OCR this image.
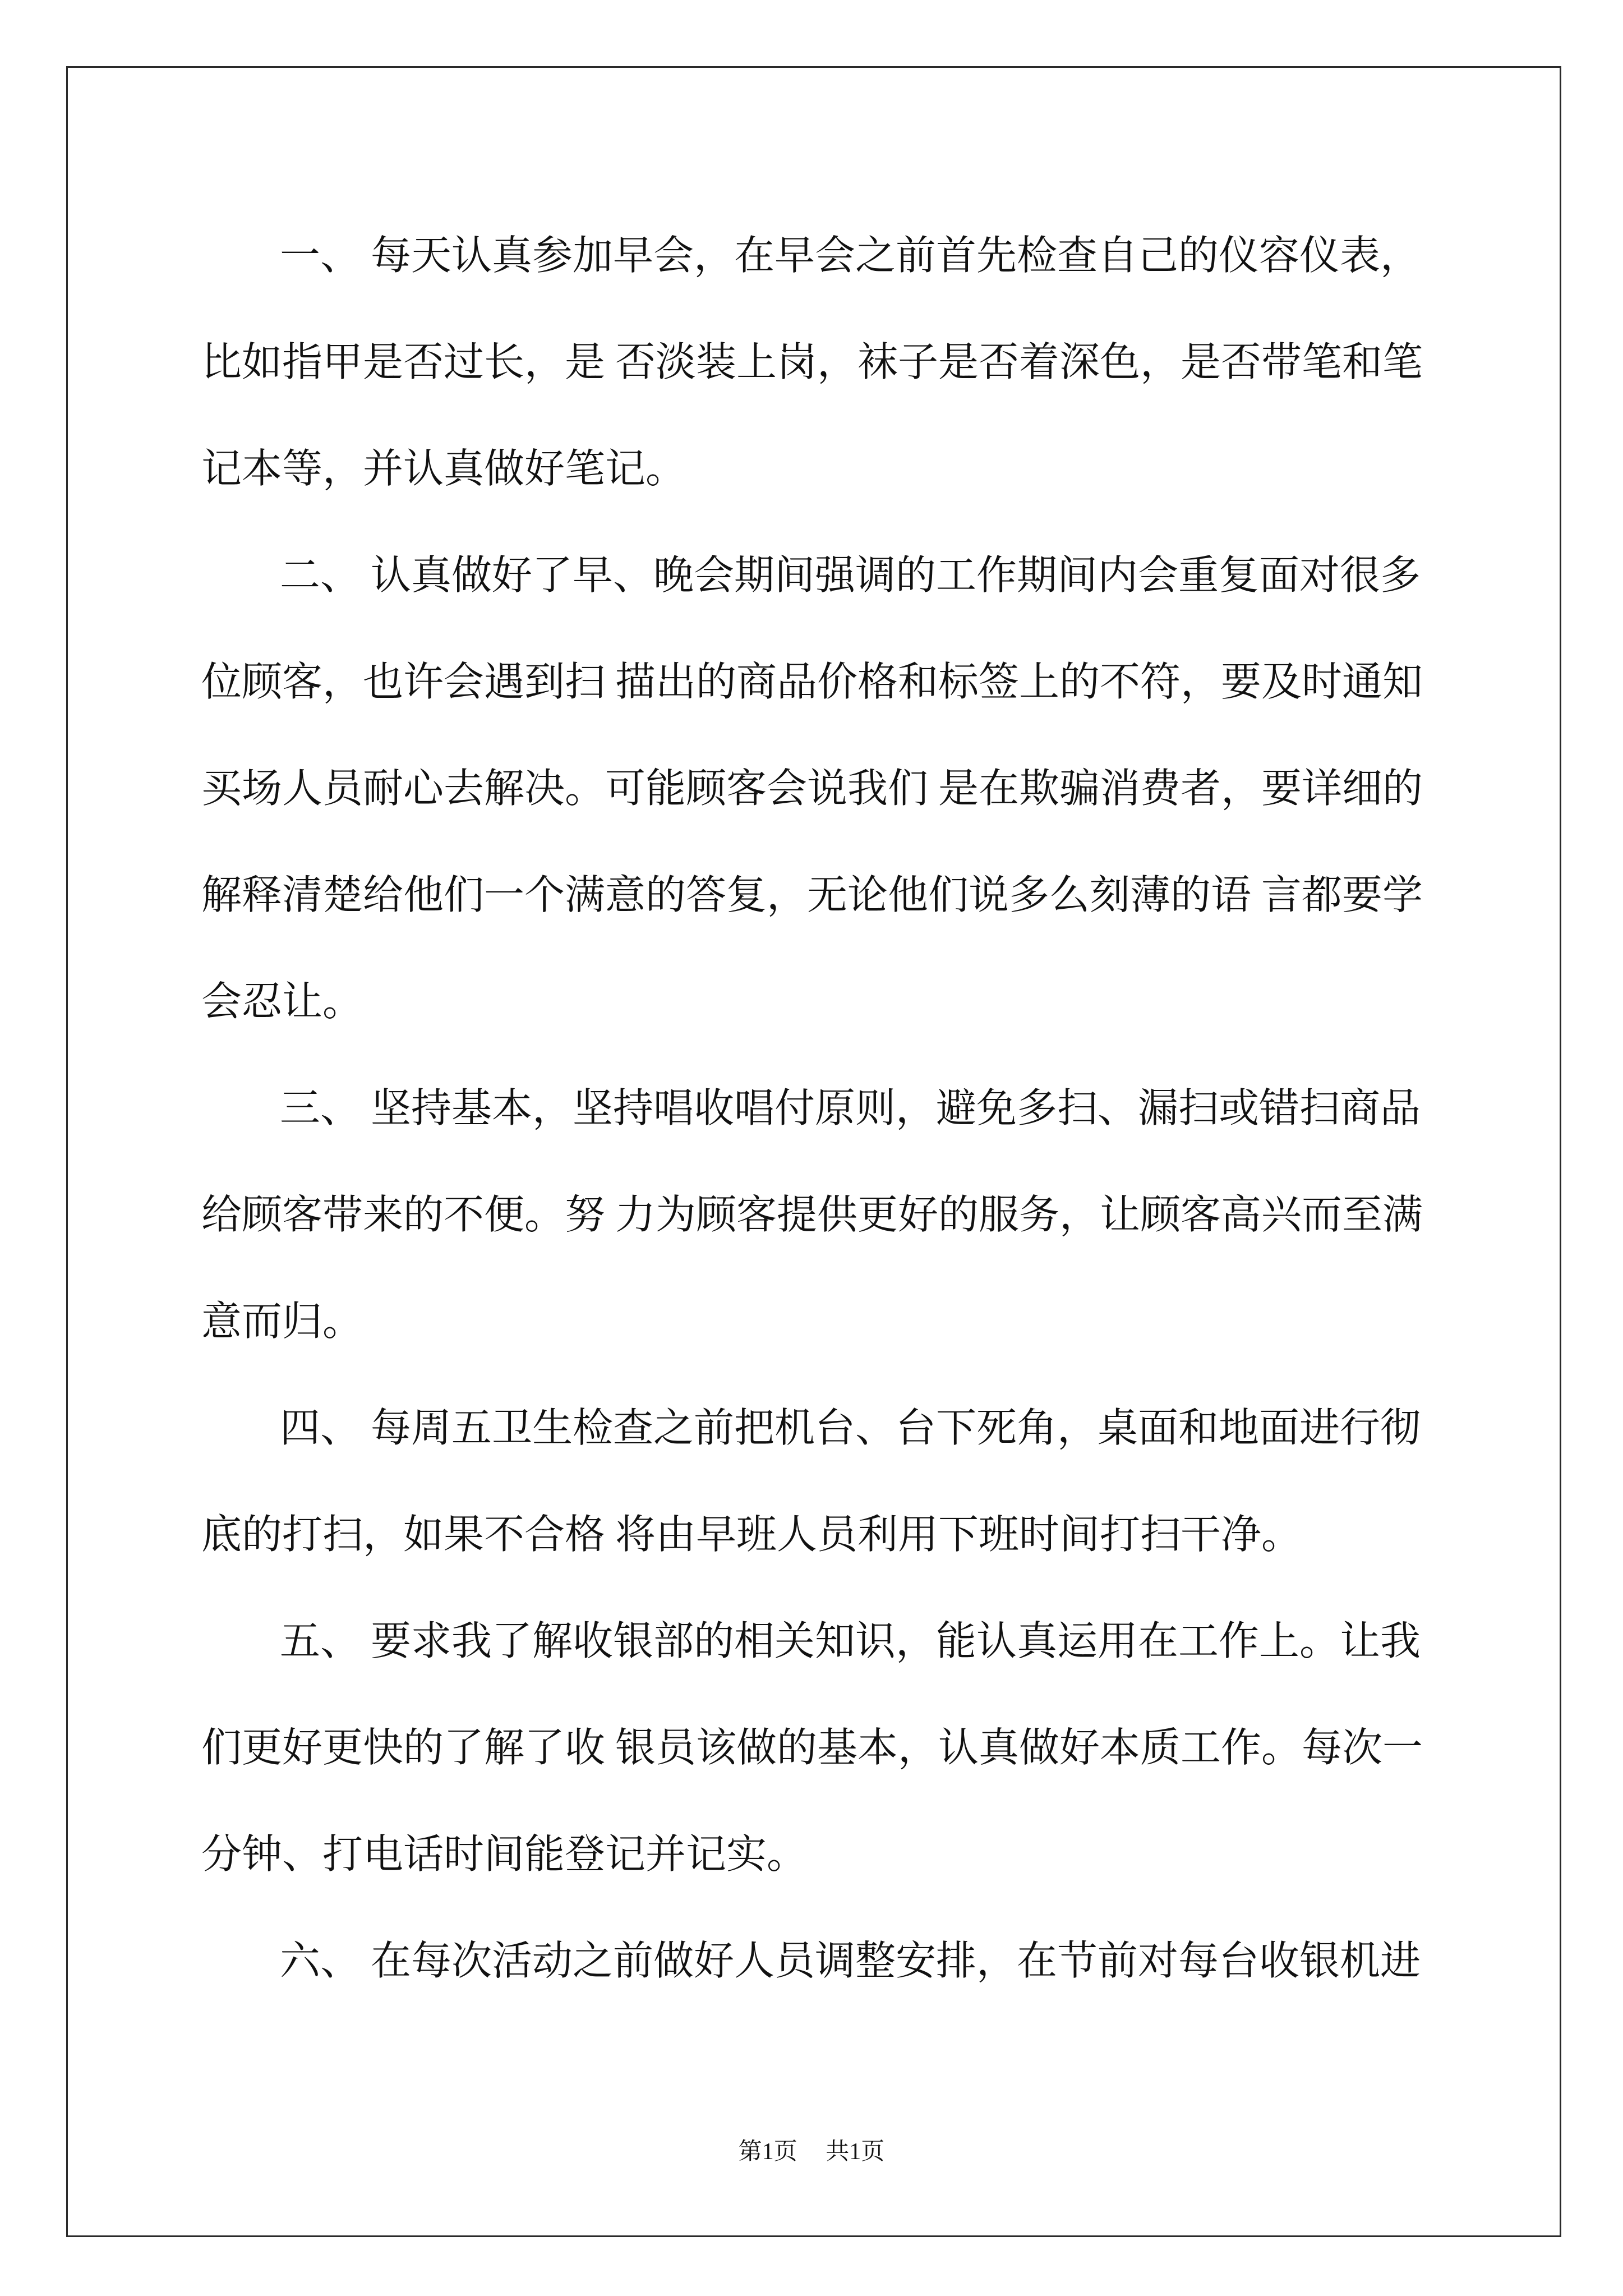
一、 每天认真参加早会，在早会之前首先检查自己的仪容仪表，
比如指甲是否过长，是 否淡装上岗，袜子是否着深色，是否带笔和笔
记本等，并认真做好笔记。
二、 认真做好了早、晚会期间强调的工作期间内会重复面对很多
位顾客，也许会遇到扫 描出的商品价格和标签上的不符，要及时通知
买场人员耐心去解决。可能顾客会说我们 是在欺骗消费者，要详细的
解释清楚给他们一个满意的答复，无论他们说多么刻薄的语 言都要学
会忍让。
三、 坚持基本，坚持唱收唱付原则，避免多扫、漏扫或错扫商品
给顾客带来的不便。努 力为顾客提供更好的服务，让顾客高兴而至满
意而归。
四、 每周五卫生检查之前把机台、台下死角，桌面和地面进行彻
底的打扫，如果不合格 将由早班人员利用下班时间打扫干净。
五、 要求我了解收银部的相关知识，能认真运用在工作上。让我
们更好更快的了解了收 银员该做的基本，认真做好本质工作。每次一
分钟、打电话时间能登记并记实。
六、 在每次活动之前做好人员调整安排，在节前对每台收银机进
第1页 共1页
